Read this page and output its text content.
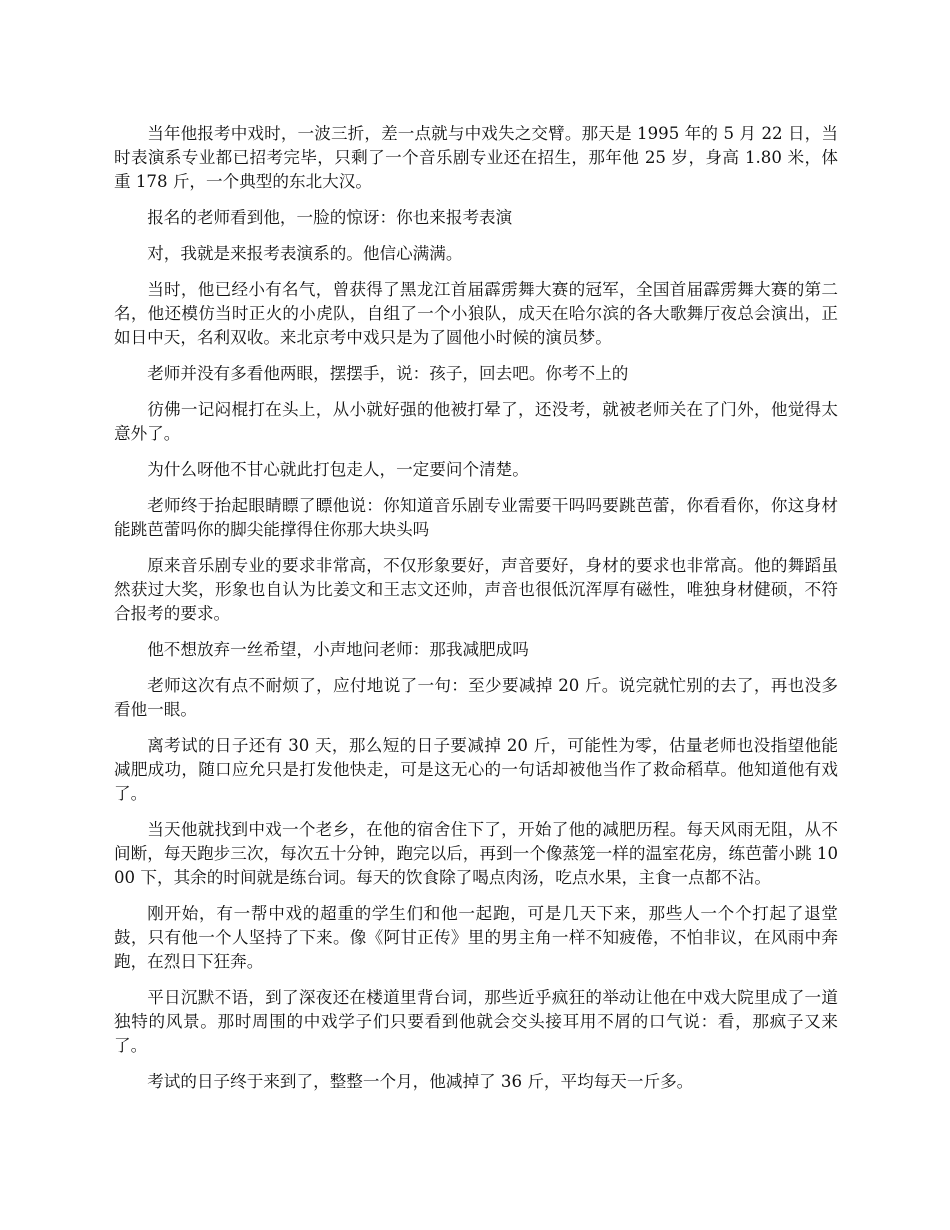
当年他报考中戏时，一波三折，差一点就与中戏失之交臂。那天是 1995 年的 5 月 22 日，当时表演系专业都已招考完毕，只剩了一个音乐剧专业还在招生，那年他 25 岁，身高 1.80 米，体重 178 斤，一个典型的东北大汉。

报名的老师看到他，一脸的惊讶：你也来报考表演

对，我就是来报考表演系的。他信心满满。

当时，他已经小有名气，曾获得了黑龙江首届霹雳舞大赛的冠军，全国首届霹雳舞大赛的第二名，他还模仿当时正火的小虎队，自组了一个小狼队，成天在哈尔滨的各大歌舞厅夜总会演出，正如日中天，名利双收。来北京考中戏只是为了圆他小时候的演员梦。

老师并没有多看他两眼，摆摆手，说：孩子，回去吧。你考不上的

彷佛一记闷棍打在头上，从小就好强的他被打晕了，还没考，就被老师关在了门外，他觉得太意外了。

为什么呀他不甘心就此打包走人，一定要问个清楚。

老师终于抬起眼睛瞟了瞟他说：你知道音乐剧专业需要干吗吗要跳芭蕾，你看看你，你这身材能跳芭蕾吗你的脚尖能撑得住你那大块头吗

原来音乐剧专业的要求非常高，不仅形象要好，声音要好，身材的要求也非常高。他的舞蹈虽然获过大奖，形象也自认为比姜文和王志文还帅，声音也很低沉浑厚有磁性，唯独身材健硕，不符合报考的要求。

他不想放弃一丝希望，小声地问老师：那我减肥成吗

老师这次有点不耐烦了，应付地说了一句：至少要减掉 20 斤。说完就忙别的去了，再也没多看他一眼。

离考试的日子还有 30 天，那么短的日子要减掉 20 斤，可能性为零，估量老师也没指望他能减肥成功，随口应允只是打发他快走，可是这无心的一句话却被他当作了救命稻草。他知道他有戏了。

当天他就找到中戏一个老乡，在他的宿舍住下了，开始了他的减肥历程。每天风雨无阻，从不间断，每天跑步三次，每次五十分钟，跑完以后，再到一个像蒸笼一样的温室花房，练芭蕾小跳 1000 下，其余的时间就是练台词。每天的饮食除了喝点肉汤，吃点水果，主食一点都不沾。

刚开始，有一帮中戏的超重的学生们和他一起跑，可是几天下来，那些人一个个打起了退堂鼓，只有他一个人坚持了下来。像《阿甘正传》里的男主角一样不知疲倦，不怕非议，在风雨中奔跑，在烈日下狂奔。

平日沉默不语，到了深夜还在楼道里背台词，那些近乎疯狂的举动让他在中戏大院里成了一道独特的风景。那时周围的中戏学子们只要看到他就会交头接耳用不屑的口气说：看，那疯子又来了。

考试的日子终于来到了，整整一个月，他减掉了 36 斤，平均每天一斤多。
